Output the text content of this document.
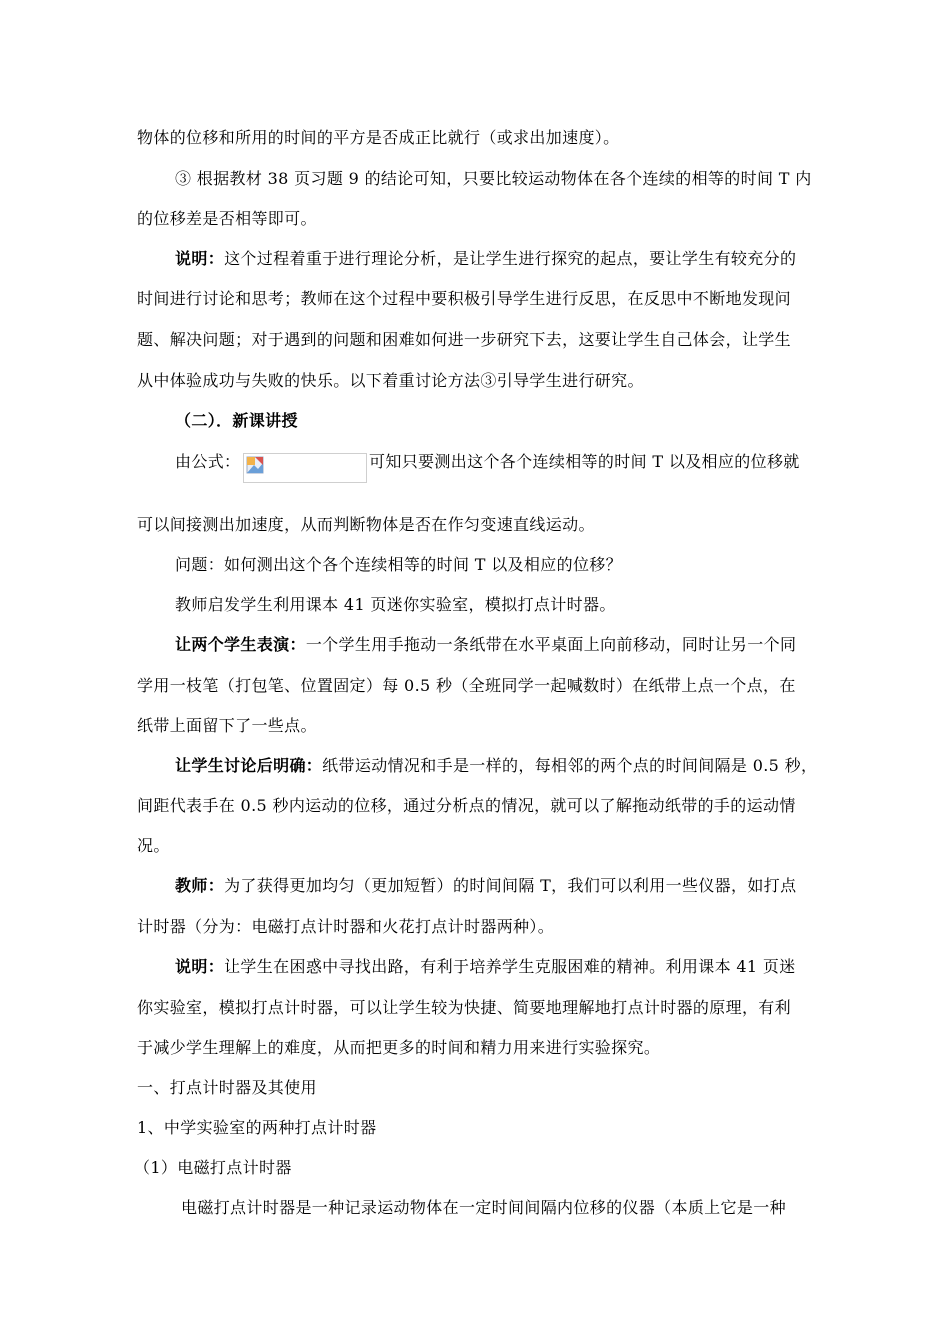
物体的位移和所用的时间的平方是否成正比就行（或求出加速度）。
③ 根据教材 38 页习题 9 的结论可知，只要比较运动物体在各个连续的相等的时间 T 内
的位移差是否相等即可。
说明：这个过程着重于进行理论分析，是让学生进行探究的起点，要让学生有较充分的
时间进行讨论和思考；教师在这个过程中要积极引导学生进行反思，在反思中不断地发现问
题、解决问题；对于遇到的问题和困难如何进一步研究下去，这要让学生自己体会，让学生
从中体验成功与失败的快乐。以下着重讨论方法③引导学生进行研究。
（二）．新课讲授
由公式：	可知只要测出这个各个连续相等的时间 T 以及相应的位移就
可以间接测出加速度，从而判断物体是否在作匀变速直线运动。
问题：如何测出这个各个连续相等的时间 T 以及相应的位移？
教师启发学生利用课本 41 页迷你实验室，模拟打点计时器。
让两个学生表演：一个学生用手拖动一条纸带在水平桌面上向前移动，同时让另一个同
学用一枝笔（打包笔、位置固定）每 0.5 秒（全班同学一起喊数时）在纸带上点一个点，在
纸带上面留下了一些点。
让学生讨论后明确：纸带运动情况和手是一样的，每相邻的两个点的时间间隔是 0.5 秒，
间距代表手在 0.5 秒内运动的位移，通过分析点的情况，就可以了解拖动纸带的手的运动情
况。
教师：为了获得更加均匀（更加短暂）的时间间隔 T，我们可以利用一些仪器，如打点
计时器（分为：电磁打点计时器和火花打点计时器两种）。
说明：让学生在困惑中寻找出路，有利于培养学生克服困难的精神。利用课本 41 页迷
你实验室，模拟打点计时器，可以让学生较为快捷、简要地理解地打点计时器的原理，有利
于减少学生理解上的难度，从而把更多的时间和精力用来进行实验探究。
一、打点计时器及其使用
1、中学实验室的两种打点计时器
（1）电磁打点计时器
电磁打点计时器是一种记录运动物体在一定时间间隔内位移的仪器（本质上它是一种
